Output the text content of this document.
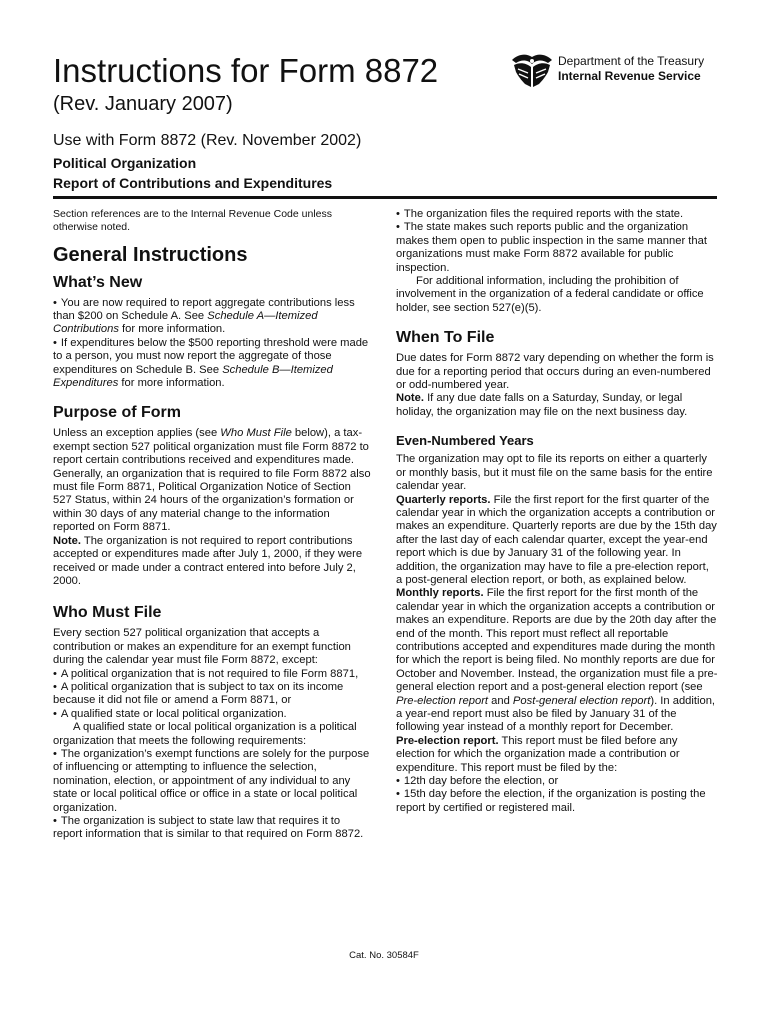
Instructions for Form 8872
(Rev. January 2007)
Use with Form 8872 (Rev. November 2002)
Political Organization
Report of Contributions and Expenditures
Department of the Treasury
Internal Revenue Service

Section references are to the Internal Revenue Code unless otherwise noted.

General Instructions
What’s New

• You are now required to report aggregate contributions less than $200 on Schedule A. See Schedule A—Itemized Contributions for more information.

• If expenditures below the $500 reporting threshold were made to a person, you must now report the aggregate of those expenditures on Schedule B. See Schedule B—Itemized Expenditures for more information.

Purpose of Form

Unless an exception applies (see Who Must File below), a tax-exempt section 527 political organization must file Form 8872 to report certain contributions received and expenditures made. Generally, an organization that is required to file Form 8872 also must file Form 8871, Political Organization Notice of Section 527 Status, within 24 hours of the organization’s formation or within 30 days of any material change to the information reported on Form 8871.

Note. The organization is not required to report contributions accepted or expenditures made after July 1, 2000, if they were received or made under a contract entered into before July 2, 2000.

Who Must File

Every section 527 political organization that accepts a contribution or makes an expenditure for an exempt function during the calendar year must file Form 8872, except:

• A political organization that is not required to file Form 8871,

• A political organization that is subject to tax on its income because it did not file or amend a Form 8871, or

• A qualified state or local political organization.

A qualified state or local political organization is a political organization that meets the following requirements:

• The organization’s exempt functions are solely for the purpose of influencing or attempting to influence the selection, nomination, election, or appointment of any individual to any state or local political office or office in a state or local political organization.

• The organization is subject to state law that requires it to report information that is similar to that required on Form 8872.

• The organization files the required reports with the state.

• The state makes such reports public and the organization makes them open to public inspection in the same manner that organizations must make Form 8872 available for public inspection.

For additional information, including the prohibition of involvement in the organization of a federal candidate or office holder, see section 527(e)(5).

When To File

Due dates for Form 8872 vary depending on whether the form is due for a reporting period that occurs during an even-numbered or odd-numbered year.

Note. If any due date falls on a Saturday, Sunday, or legal holiday, the organization may file on the next business day.

Even-Numbered Years

The organization may opt to file its reports on either a quarterly or monthly basis, but it must file on the same basis for the entire calendar year.

Quarterly reports. File the first report for the first quarter of the calendar year in which the organization accepts a contribution or makes an expenditure. Quarterly reports are due by the 15th day after the last day of each calendar quarter, except the year-end report which is due by January 31 of the following year. In addition, the organization may have to file a pre-election report, a post-general election report, or both, as explained below.

Monthly reports. File the first report for the first month of the calendar year in which the organization accepts a contribution or makes an expenditure. Reports are due by the 20th day after the end of the month. This report must reflect all reportable contributions accepted and expenditures made during the month for which the report is being filed. No monthly reports are due for October and November. Instead, the organization must file a pre-general election report and a post-general election report (see Pre-election report and Post-general election report). In addition, a year-end report must also be filed by January 31 of the following year instead of a monthly report for December.

Pre-election report. This report must be filed before any election for which the organization made a contribution or expenditure. This report must be filed by the:

• 12th day before the election, or

• 15th day before the election, if the organization is posting the report by certified or registered mail.

Cat. No. 30584F
